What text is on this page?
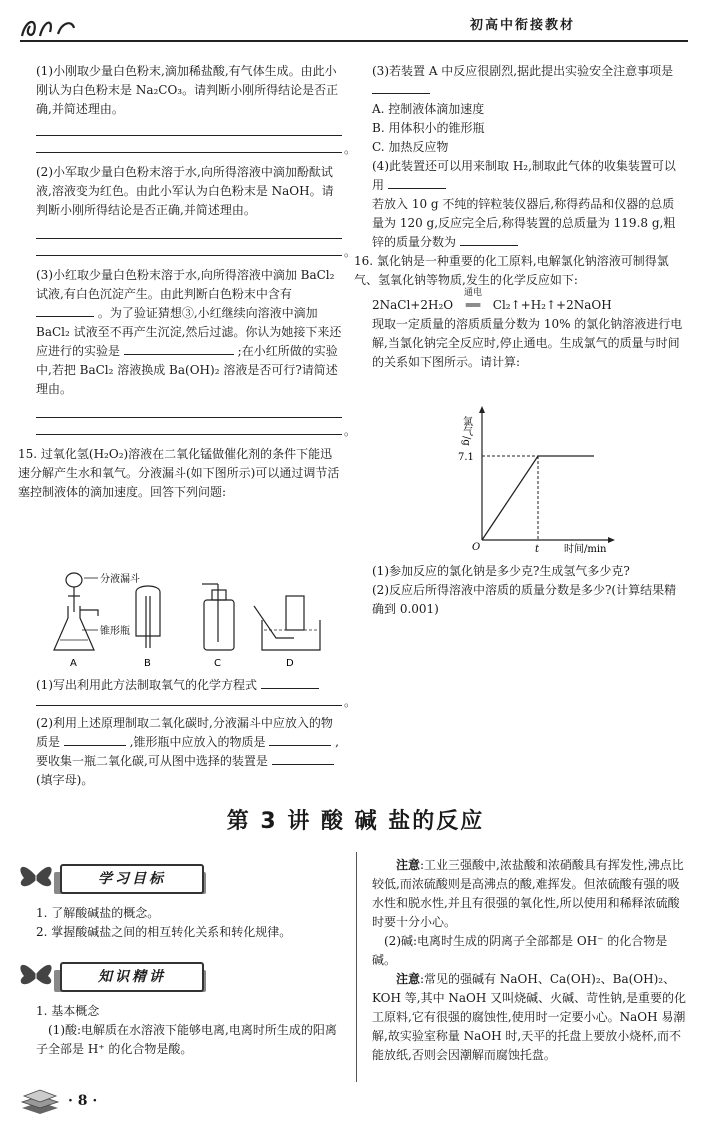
初高中衔接教材

(1)小刚取少量白色粉末,滴加稀盐酸,有气体生成。由此小刚认为白色粉末是 Na₂CO₃。请判断小刚所得结论是否正确,并简述理由。

。

(2)小军取少量白色粉末溶于水,向所得溶液中滴加酚酞试液,溶液变为红色。由此小军认为白色粉末是 NaOH。请判断小刚所得结论是否正确,并简述理由。

。

(3)小红取少量白色粉末溶于水,向所得溶液中滴加 BaCl₂ 试液,有白色沉淀产生。由此判断白色粉末中含有  。为了验证猜想③,小红继续向溶液中滴加 BaCl₂ 试液至不再产生沉淀,然后过滤。你认为她接下来还应进行的实验是	;在小红所做的实验中,若把 BaCl₂ 溶液换成 Ba(OH)₂ 溶液是否可行?请简述理由。

。

15. 过氧化氢(H₂O₂)溶液在二氧化锰做催化剂的条件下能迅速分解产生水和氧气。分液漏斗(如下图所示)可以通过调节活塞控制液体的滴加速度。回答下列问题:

分液漏斗
锥形瓶
A	B	C	D

(1)写出利用此方法制取氧气的化学方程式

。

(2)利用上述原理制取二氧化碳时,分液漏斗中应放入的物质是	,锥形瓶中应放入的物质是	,要收集一瓶二氧化碳,可从图中选择的装置是  (填字母)。

(3)若装置 A 中反应很剧烈,据此提出实验安全注意事项是

A. 控制液体滴加速度

B. 用体积小的锥形瓶

C. 加热反应物

(4)此装置还可以用来制取 H₂,制取此气体的收集装置可以用

若放入 10 g 不纯的锌粒装仪器后,称得药品和仪器的总质量为 120 g,反应完全后,称得装置的总质量为 119.8 g,粗锌的质量分数为

16. 氯化钠是一种重要的化工原料,电解氯化钠溶液可制得氯气、氢氧化钠等物质,发生的化学反应如下:

2NaCl+2H₂O
通电
══ Cl₂↑+H₂↑+2NaOH

现取一定质量的溶质质量分数为 10% 的氯化钠溶液进行电解,当氯化钠完全反应时,停止通电。生成氯气的质量与时间的关系如下图所示。请计算:

7.1
t
氯气/g
时间/min
O

(1)参加反应的氯化钠是多少克?生成氢气多少克?

(2)反应后所得溶液中溶质的质量分数是多少?(计算结果精确到 0.001)

第 3 讲 酸 碱 盐的反应
学习目标

1. 了解酸碱盐的概念。

2. 掌握酸碱盐之间的相互转化关系和转化规律。

知识精讲

1. 基本概念

(1)酸:电解质在水溶液下能够电离,电离时所生成的阳离子全部是 H⁺ 的化合物是酸。

注意:工业三强酸中,浓盐酸和浓硝酸具有挥发性,沸点比较低,而浓硫酸则是高沸点的酸,难挥发。但浓硫酸有强的吸水性和脱水性,并且有很强的氧化性,所以使用和稀释浓硫酸时要十分小心。

(2)碱:电离时生成的阴离子全部都是 OH⁻ 的化合物是碱。

注意:常见的强碱有 NaOH、Ca(OH)₂、Ba(OH)₂、KOH 等,其中 NaOH 又叫烧碱、火碱、苛性钠,是重要的化工原料,它有很强的腐蚀性,使用时一定要小心。NaOH 易潮解,故实验室称量 NaOH 时,天平的托盘上要放小烧杯,而不能放纸,否则会因潮解而腐蚀托盘。

· 8 ·
